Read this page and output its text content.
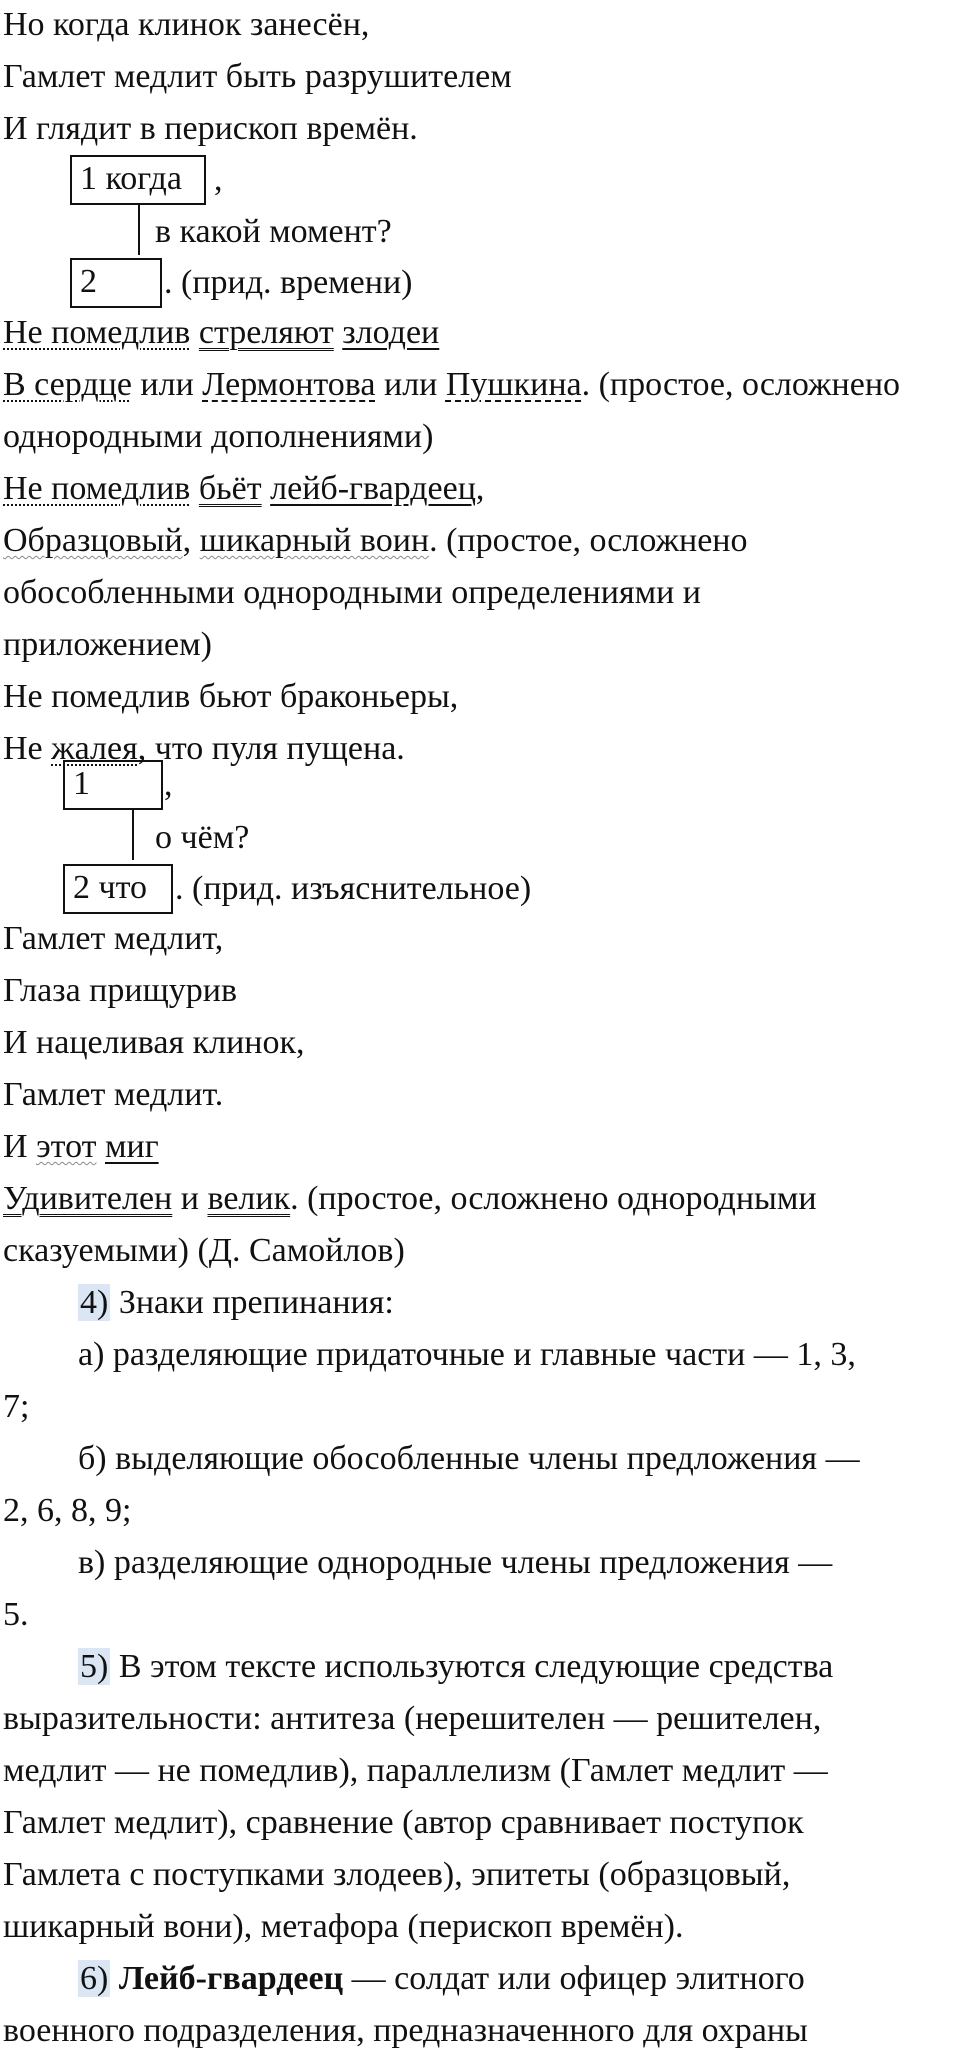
Но когда клинок занесён,
Гамлет медлит быть разрушителем
И глядит в перископ времён.
1 когда ,
в какой момент?
2	. (прид. времени)
Не помедлив стреляют злодеи
В сердце или Лермонтова или Пушкина. (простое, осложнено
однородными дополнениями)
Не помедлив бьёт лейб-гвардеец,
Образцовый, шикарный воин. (простое, осложнено
обособленными однородными определениями и
приложением)
Не помедлив бьют браконьеры,
Не жалея, что пуля пущена.
1	,
о чём?
2 что . (прид. изъяснительное)
Гамлет медлит,
Глаза прищурив
И нацеливая клинок,
Гамлет медлит.
И этот миг
Удивителен и велик. (простое, осложнено однородными
сказуемыми) (Д. Самойлов)
4) Знаки препинания:
а) разделяющие придаточные и главные части — 1, 3,
7;
б) выделяющие обособленные члены предложения —
2, 6, 8, 9;
в) разделяющие однородные члены предложения —
5.
5) В этом тексте используются следующие средства
выразительности: антитеза (нерешителен — решителен,
медлит — не помедлив), параллелизм (Гамлет медлит —
Гамлет медлит), сравнение (автор сравнивает поступок
Гамлета с поступками злодеев), эпитеты (образцовый,
шикарный вони), метафора (перископ времён).
6) Лейб-гвардеец — солдат или офицер элитного
военного подразделения, предназначенного для охраны
